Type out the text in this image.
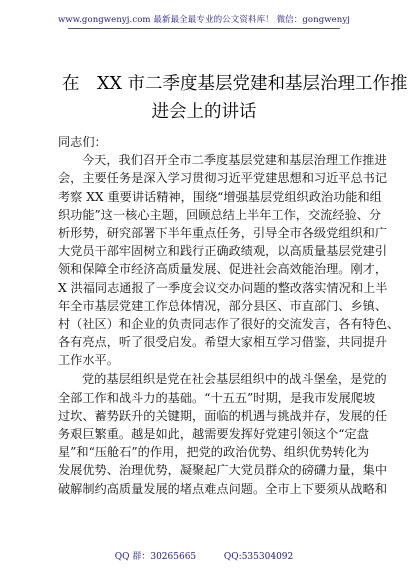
www.gongwenyj.com 最新最全最专业的公文资料库！ 微信：gongwenyj
在　XX 市二季度基层党建和基层治理工作推
进会上的讲话
同志们：
今天，我们召开全市二季度基层党建和基层治理工作推进
会，主要任务是深入学习贯彻习近平党建思想和习近平总书记
考察 XX 重要讲话精神，围绕“增强基层党组织政治功能和组
织功能”这一核心主题，回顾总结上半年工作，交流经验、分
析形势，研究部署下半年重点任务，引导全市各级党组织和广
大党员干部牢固树立和践行正确政绩观，以高质量基层党建引
领和保障全市经济高质量发展、促进社会高效能治理。刚才，
X 洪福同志通报了一季度会议交办问题的整改落实情况和上半
年全市基层党建工作总体情况，部分县区、市直部门、乡镇、
村（社区）和企业的负责同志作了很好的交流发言，各有特色、
各有亮点，听了很受启发。希望大家相互学习借鉴，共同提升
工作水平。
党的基层组织是党在社会基层组织中的战斗堡垒，是党的
全部工作和战斗力的基础。“十五五”时期，是我市发展爬坡
过坎、蓄势跃升的关键期，面临的机遇与挑战并存，发展的任
务艰巨繁重。越是如此，越需要发挥好党建引领这个“定盘
星”和“压舱石”的作用，把党的政治优势、组织优势转化为
发展优势、治理优势，凝聚起广大党员群众的磅礴力量，集中
破解制约高质量发展的堵点难点问题。全市上下要须从战略和
QQ 群：30265665	QQ:535304092
